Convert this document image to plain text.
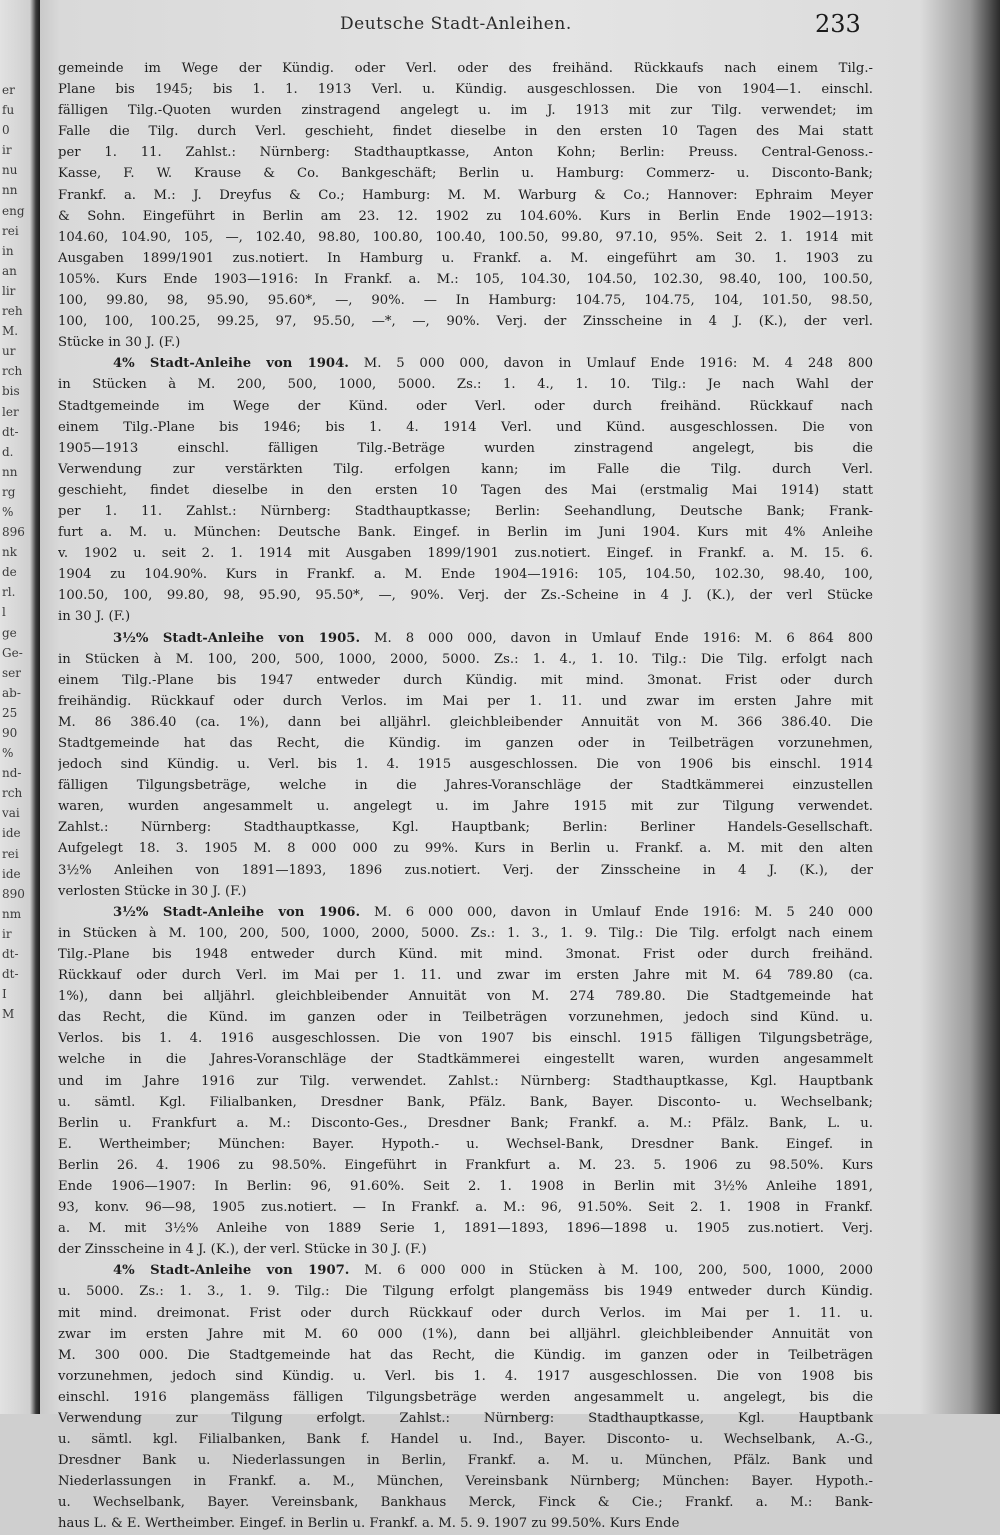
er
fu
0
ir
nu
nn
eng
rei
in
an
lir
reh
M.
ur
rch
bis
ler
dt-
d.
nn
rg
%
896
nk
de
rl.
l
ge
Ge-
ser
ab-
25
90
%
nd-
rch
vai
ide
rei
ide
890
nm
ir
dt-
dt-
I
M
Deutsche Stadt-Anleihen.	233
gemeinde im Wege der Kündig. oder Verl. oder des freihänd. Rückkaufs nach einem Tilg.-
Plane bis 1945; bis 1. 1. 1913 Verl. u. Kündig. ausgeschlossen. Die von 1904—1. einschl.
fälligen Tilg.-Quoten wurden zinstragend angelegt u. im J. 1913 mit zur Tilg. verwendet; im
Falle die Tilg. durch Verl. geschieht, findet dieselbe in den ersten 10 Tagen des Mai statt
per 1. 11. Zahlst.: Nürnberg: Stadthauptkasse, Anton Kohn; Berlin: Preuss. Central-Genoss.-
Kasse, F. W. Krause & Co. Bankgeschäft; Berlin u. Hamburg: Commerz- u. Disconto-Bank;
Frankf. a. M.: J. Dreyfus & Co.; Hamburg: M. M. Warburg & Co.; Hannover: Ephraim Meyer
& Sohn. Eingeführt in Berlin am 23. 12. 1902 zu 104.60%. Kurs in Berlin Ende 1902—1913:
104.60, 104.90, 105, —, 102.40, 98.80, 100.80, 100.40, 100.50, 99.80, 97.10, 95%. Seit 2. 1. 1914 mit
Ausgaben 1899/1901 zus.notiert. In Hamburg u. Frankf. a. M. eingeführt am 30. 1. 1903 zu
105%. Kurs Ende 1903—1916: In Frankf. a. M.: 105, 104.30, 104.50, 102.30, 98.40, 100, 100.50,
100, 99.80, 98, 95.90, 95.60*, —, 90%. — In Hamburg: 104.75, 104.75, 104, 101.50, 98.50,
100, 100, 100.25, 99.25, 97, 95.50, —*, —, 90%. Verj. der Zinsscheine in 4 J. (K.), der verl.
Stücke in 30 J. (F.)
4% Stadt-Anleihe von 1904. M. 5 000 000, davon in Umlauf Ende 1916: M. 4 248 800
in Stücken à M. 200, 500, 1000, 5000. Zs.: 1. 4., 1. 10. Tilg.: Je nach Wahl der
Stadtgemeinde im Wege der Künd. oder Verl. oder durch freihänd. Rückkauf nach
einem Tilg.-Plane bis 1946; bis 1. 4. 1914 Verl. und Künd. ausgeschlossen. Die von
1905—1913 einschl. fälligen Tilg.-Beträge wurden zinstragend angelegt, bis die
Verwendung zur verstärkten Tilg. erfolgen kann; im Falle die Tilg. durch Verl.
geschieht, findet dieselbe in den ersten 10 Tagen des Mai (erstmalig Mai 1914) statt
per 1. 11. Zahlst.: Nürnberg: Stadthauptkasse; Berlin: Seehandlung, Deutsche Bank; Frank-
furt a. M. u. München: Deutsche Bank. Eingef. in Berlin im Juni 1904. Kurs mit 4% Anleihe
v. 1902 u. seit 2. 1. 1914 mit Ausgaben 1899/1901 zus.notiert. Eingef. in Frankf. a. M. 15. 6.
1904 zu 104.90%. Kurs in Frankf. a. M. Ende 1904—1916: 105, 104.50, 102.30, 98.40, 100,
100.50, 100, 99.80, 98, 95.90, 95.50*, —, 90%. Verj. der Zs.-Scheine in 4 J. (K.), der verl Stücke
in 30 J. (F.)
3½% Stadt-Anleihe von 1905. M. 8 000 000, davon in Umlauf Ende 1916: M. 6 864 800
in Stücken à M. 100, 200, 500, 1000, 2000, 5000. Zs.: 1. 4., 1. 10. Tilg.: Die Tilg. erfolgt nach
einem Tilg.-Plane bis 1947 entweder durch Kündig. mit mind. 3monat. Frist oder durch
freihändig. Rückkauf oder durch Verlos. im Mai per 1. 11. und zwar im ersten Jahre mit
M. 86 386.40 (ca. 1%), dann bei alljährl. gleichbleibender Annuität von M. 366 386.40. Die
Stadtgemeinde hat das Recht, die Kündig. im ganzen oder in Teilbeträgen vorzunehmen,
jedoch sind Kündig. u. Verl. bis 1. 4. 1915 ausgeschlossen. Die von 1906 bis einschl. 1914
fälligen Tilgungsbeträge, welche in die Jahres-Voranschläge der Stadtkämmerei einzustellen
waren, wurden angesammelt u. angelegt u. im Jahre 1915 mit zur Tilgung verwendet.
Zahlst.: Nürnberg: Stadthauptkasse, Kgl. Hauptbank; Berlin: Berliner Handels-Gesellschaft.
Aufgelegt 18. 3. 1905 M. 8 000 000 zu 99%. Kurs in Berlin u. Frankf. a. M. mit den alten
3½% Anleihen von 1891—1893, 1896 zus.notiert. Verj. der Zinsscheine in 4 J. (K.), der
verlosten Stücke in 30 J. (F.)
3½% Stadt-Anleihe von 1906. M. 6 000 000, davon in Umlauf Ende 1916: M. 5 240 000
in Stücken à M. 100, 200, 500, 1000, 2000, 5000. Zs.: 1. 3., 1. 9. Tilg.: Die Tilg. erfolgt nach einem
Tilg.-Plane bis 1948 entweder durch Künd. mit mind. 3monat. Frist oder durch freihänd.
Rückkauf oder durch Verl. im Mai per 1. 11. und zwar im ersten Jahre mit M. 64 789.80 (ca.
1%), dann bei alljährl. gleichbleibender Annuität von M. 274 789.80. Die Stadtgemeinde hat
das Recht, die Künd. im ganzen oder in Teilbeträgen vorzunehmen, jedoch sind Künd. u.
Verlos. bis 1. 4. 1916 ausgeschlossen. Die von 1907 bis einschl. 1915 fälligen Tilgungsbeträge,
welche in die Jahres-Voranschläge der Stadtkämmerei eingestellt waren, wurden angesammelt
und im Jahre 1916 zur Tilg. verwendet. Zahlst.: Nürnberg: Stadthauptkasse, Kgl. Hauptbank
u. sämtl. Kgl. Filialbanken, Dresdner Bank, Pfälz. Bank, Bayer. Disconto- u. Wechselbank;
Berlin u. Frankfurt a. M.: Disconto-Ges., Dresdner Bank; Frankf. a. M.: Pfälz. Bank, L. u.
E. Wertheimber; München: Bayer. Hypoth.- u. Wechsel-Bank, Dresdner Bank. Eingef. in
Berlin 26. 4. 1906 zu 98.50%. Eingeführt in Frankfurt a. M. 23. 5. 1906 zu 98.50%. Kurs
Ende 1906—1907: In Berlin: 96, 91.60%. Seit 2. 1. 1908 in Berlin mit 3½% Anleihe 1891,
93, konv. 96—98, 1905 zus.notiert. — In Frankf. a. M.: 96, 91.50%. Seit 2. 1. 1908 in Frankf.
a. M. mit 3½% Anleihe von 1889 Serie 1, 1891—1893, 1896—1898 u. 1905 zus.notiert. Verj.
der Zinsscheine in 4 J. (K.), der verl. Stücke in 30 J. (F.)
4% Stadt-Anleihe von 1907. M. 6 000 000 in Stücken à M. 100, 200, 500, 1000, 2000
u. 5000. Zs.: 1. 3., 1. 9. Tilg.: Die Tilgung erfolgt plangemäss bis 1949 entweder durch Kündig.
mit mind. dreimonat. Frist oder durch Rückkauf oder durch Verlos. im Mai per 1. 11. u.
zwar im ersten Jahre mit M. 60 000 (1%), dann bei alljährl. gleichbleibender Annuität von
M. 300 000. Die Stadtgemeinde hat das Recht, die Kündig. im ganzen oder in Teilbeträgen
vorzunehmen, jedoch sind Kündig. u. Verl. bis 1. 4. 1917 ausgeschlossen. Die von 1908 bis
einschl. 1916 plangemäss fälligen Tilgungsbeträge werden angesammelt u. angelegt, bis die
Verwendung zur Tilgung erfolgt. Zahlst.: Nürnberg: Stadthauptkasse, Kgl. Hauptbank
u. sämtl. kgl. Filialbanken, Bank f. Handel u. Ind., Bayer. Disconto- u. Wechselbank, A.-G.,
Dresdner Bank u. Niederlassungen in Berlin, Frankf. a. M. u. München, Pfälz. Bank und
Niederlassungen in Frankf. a. M., München, Vereinsbank Nürnberg; München: Bayer. Hypoth.-
u. Wechselbank, Bayer. Vereinsbank, Bankhaus Merck, Finck & Cie.; Frankf. a. M.: Bank-
haus L. & E. Wertheimber. Eingef. in Berlin u. Frankf. a. M. 5. 9. 1907 zu 99.50%. Kurs Ende
